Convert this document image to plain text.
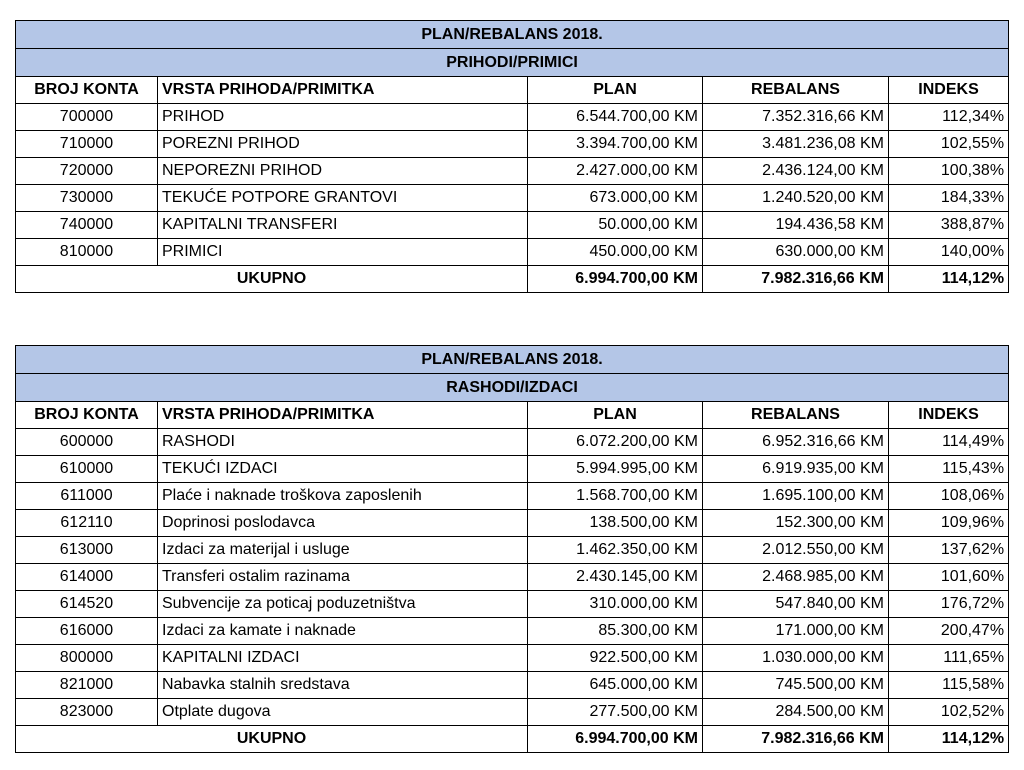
PLAN/REBALANS 2018.				
PRIHODI/PRIMICI				
BROJ KONTA	VRSTA PRIHODA/PRIMITKA	PLAN	REBALANS	INDEKS
700000	PRIHOD	6.544.700,00 KM	7.352.316,66 KM	112,34%
710000	POREZNI PRIHOD	3.394.700,00 KM	3.481.236,08 KM	102,55%
720000	NEPOREZNI PRIHOD	2.427.000,00 KM	2.436.124,00 KM	100,38%
730000	TEKUĆE POTPORE GRANTOVI	673.000,00 KM	1.240.520,00 KM	184,33%
740000	KAPITALNI TRANSFERI	50.000,00 KM	194.436,58 KM	388,87%
810000	PRIMICI	450.000,00 KM	630.000,00 KM	140,00%
UKUPNO		6.994.700,00 KM	7.982.316,66 KM	114,12%
PLAN/REBALANS 2018.				
RASHODI/IZDACI				
BROJ KONTA	VRSTA PRIHODA/PRIMITKA	PLAN	REBALANS	INDEKS
600000	RASHODI	6.072.200,00 KM	6.952.316,66 KM	114,49%
610000	TEKUĆI IZDACI	5.994.995,00 KM	6.919.935,00 KM	115,43%
611000	Plaće i naknade troškova zaposlenih	1.568.700,00 KM	1.695.100,00 KM	108,06%
612110	Doprinosi poslodavca	138.500,00 KM	152.300,00 KM	109,96%
613000	Izdaci za materijal i usluge	1.462.350,00 KM	2.012.550,00 KM	137,62%
614000	Transferi ostalim razinama	2.430.145,00 KM	2.468.985,00 KM	101,60%
614520	Subvencije za poticaj poduzetništva	310.000,00 KM	547.840,00 KM	176,72%
616000	Izdaci za kamate i naknade	85.300,00 KM	171.000,00 KM	200,47%
800000	KAPITALNI IZDACI	922.500,00 KM	1.030.000,00 KM	111,65%
821000	Nabavka stalnih sredstava	645.000,00 KM	745.500,00 KM	115,58%
823000	Otplate dugova	277.500,00 KM	284.500,00 KM	102,52%
UKUPNO		6.994.700,00 KM	7.982.316,66 KM	114,12%
